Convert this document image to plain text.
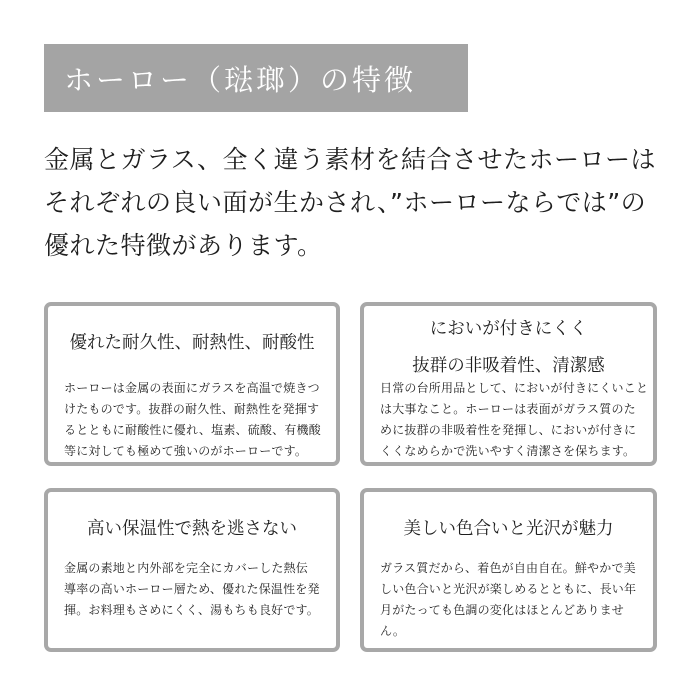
ホーロー（琺瑯）の特徴
金属とガラス、全く違う素材を結合させたホーローは
それぞれの良い面が生かされ、”ホーローならでは”の
優れた特徴があります。
優れた耐久性、耐熱性、耐酸性
ホーローは金属の表面にガラスを高温で焼きつ
けたものです。抜群の耐久性、耐熱性を発揮す
るとともに耐酸性に優れ、塩素、硫酸、有機酸
等に対しても極めて強いのがホーローです。
においが付きにくく
抜群の非吸着性、清潔感
日常の台所用品として、においが付きにくいこと
は大事なこと。ホーローは表面がガラス質のた
めに抜群の非吸着性を発揮し、においが付きに
くくなめらかで洗いやすく清潔さを保ちます。
高い保温性で熱を逃さない
金属の素地と内外部を完全にカバーした熱伝
導率の高いホーロー層ため、優れた保温性を発
揮。お料理もさめにくく、湯もちも良好です。
美しい色合いと光沢が魅力
ガラス質だから、着色が自由自在。鮮やかで美
しい色合いと光沢が楽しめるとともに、長い年
月がたっても色調の変化はほとんどありませ
ん。
